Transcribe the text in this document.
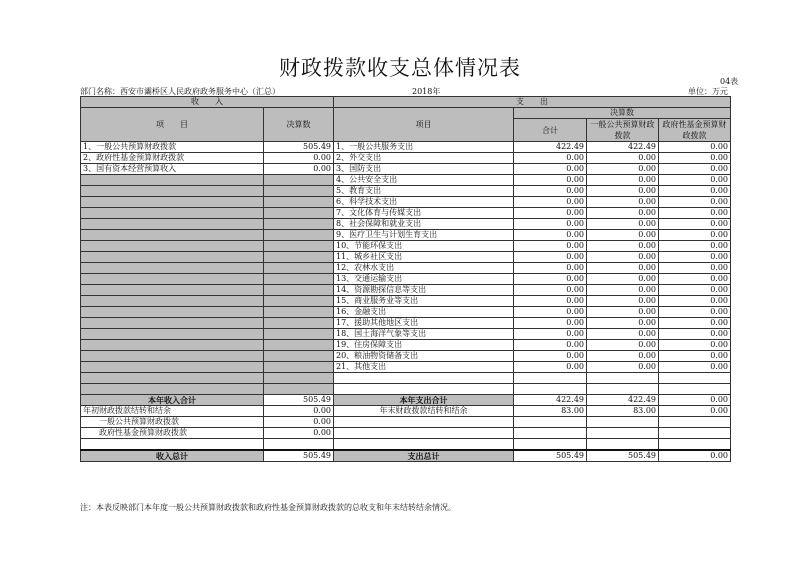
财政拨款收支总体情况表
04表
部门名称：西安市灞桥区人民政府政务服务中心（汇总）	2018年	单位：万元
收　　入		支　　出			
项　　目	决算数	项目	决算数		
			合计	一般公共预算财政拨款	政府性基金预算财政拨款
1、一般公共预算财政拨款	505.49	1、一般公共服务支出	422.49	422.49	0.00
2、政府性基金预算财政拨款	0.00	2、外交支出	0.00	0.00	0.00
3、国有资本经营预算收入	0.00	3、国防支出	0.00	0.00	0.00
		4、公共安全支出	0.00	0.00	0.00
		5、教育支出	0.00	0.00	0.00
		6、科学技术支出	0.00	0.00	0.00
		7、文化体育与传媒支出	0.00	0.00	0.00
		8、社会保障和就业支出	0.00	0.00	0.00
		9、医疗卫生与计划生育支出	0.00	0.00	0.00
		10、节能环保支出	0.00	0.00	0.00
		11、城乡社区支出	0.00	0.00	0.00
		12、农林水支出	0.00	0.00	0.00
		13、交通运输支出	0.00	0.00	0.00
		14、资源勘探信息等支出	0.00	0.00	0.00
		15、商业服务业等支出	0.00	0.00	0.00
		16、金融支出	0.00	0.00	0.00
		17、援助其他地区支出	0.00	0.00	0.00
		18、国土海洋气象等支出	0.00	0.00	0.00
		19、住房保障支出	0.00	0.00	0.00
		20、粮油物资储备支出	0.00	0.00	0.00
		21、其他支出	0.00	0.00	0.00

本年收入合计	505.49	本年支出合计	422.49	422.49	0.00
年初财政拨款结转和结余	0.00	年末财政拨款结转和结余	83.00	83.00	0.00
一般公共预算财政拨款	0.00				
政府性基金预算财政拨款	0.00				

收入总计	505.49	支出总计	505.49	505.49	0.00
注：本表反映部门本年度一般公共预算财政拨款和政府性基金预算财政拨款的总收支和年末结转结余情况。
